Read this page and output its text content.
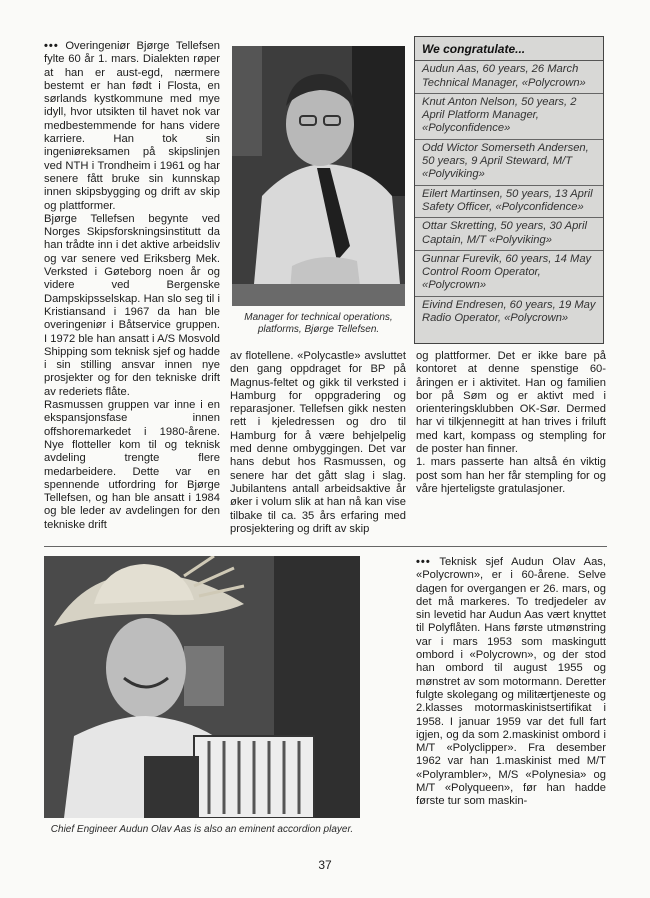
••• Overingeniør Bjørge Tellefsen fylte 60 år 1. mars. Dialekten røper at han er aust-egd, nærmere bestemt er han født i Flosta, en sørlands kystkommune med mye idyll, hvor utsikten til havet nok var medbestemmende for hans videre karriere. Han tok sin ingeniøreksamen på skipslinjen ved NTH i Trondheim i 1961 og har senere fått bruke sin kunnskap innen skipsbygging og drift av skip og plattformer.

Bjørge Tellefsen begynte ved Norges Skipsforskningsinstitutt da han trådte inn i det aktive arbeidsliv og var senere ved Eriksberg Mek. Verksted i Gøteborg noen år og videre ved Bergenske Dampskipsselskap. Han slo seg til i Kristiansand i 1967 da han ble overingeniør i Båtservice gruppen. I 1972 ble han ansatt i A/S Mosvold Shipping som teknisk sjef og hadde i sin stilling ansvar innen nye prosjekter og for den tekniske drift av rederiets flåte.

Rasmussen gruppen var inne i en ekspansjonsfase innen offshoremarkedet i 1980-årene. Nye flotteller kom til og teknisk avdeling trengte flere medarbeidere. Dette var en spennende utfordring for Bjørge Tellefsen, og han ble ansatt i 1984 og ble leder av avdelingen for den tekniske drift

Manager for technical operations, platforms, Bjørge Tellefsen.
We congratulate...
Audun Aas, 60 years, 26 March Technical Manager, «Polycrown»
Knut Anton Nelson, 50 years, 2 April Platform Manager, «Polyconfidence»
Odd Wictor Somerseth Andersen, 50 years, 9 April Steward, M/T «Polyviking»
Eilert Martinsen, 50 years, 13 April Safety Officer, «Polyconfidence»
Ottar Skretting, 50 years, 30 April Captain, M/T «Polyviking»
Gunnar Furevik, 60 years, 14 May Control Room Operator, «Polycrown»
Eivind Endresen, 60 years, 19 May Radio Operator, «Polycrown»

av flotellene. «Polycastle» avsluttet den gang oppdraget for BP på Magnus-feltet og gikk til verksted i Hamburg for oppgradering og reparasjoner. Tellefsen gikk nesten rett i kjeledressen og dro til Hamburg for å være behjelpelig med denne ombyggingen. Det var hans debut hos Rasmussen, og senere har det gått slag i slag. Jubilantens antall arbeidsaktive år øker i volum slik at han nå kan vise tilbake til ca. 35 års erfaring med prosjektering og drift av skip

og plattformer. Det er ikke bare på kontoret at denne spenstige 60-åringen er i aktivitet. Han og familien bor på Søm og er aktivt med i orienteringsklubben OK-Sør. Dermed har vi tilkjennegitt at han trives i friluft med kart, kompass og stempling for de poster han finner.

1. mars passerte han altså én viktig post som han her får stempling for og våre hjerteligste gratulasjoner.

Chief Engineer Audun Olav Aas is also an eminent accordion player.

••• Teknisk sjef Audun Olav Aas, «Polycrown», er i 60-årene. Selve dagen for overgangen er 26. mars, og det må markeres. To tredjedeler av sin levetid har Audun Aas vært knyttet til Polyflåten. Hans første utmønstring var i mars 1953 som maskingutt ombord i «Polycrown», og der stod han ombord til august 1955 og mønstret av som motormann. Deretter fulgte skolegang og militærtjeneste og 2.klasses motormaskinistsertifikat i 1958. I januar 1959 var det full fart igjen, og da som 2.maskinist ombord i M/T «Polyclipper». Fra desember 1962 var han 1.maskinist med M/T «Polyrambler», M/S «Polynesia» og M/T «Polyqueen», før han hadde første tur som maskin-

37
